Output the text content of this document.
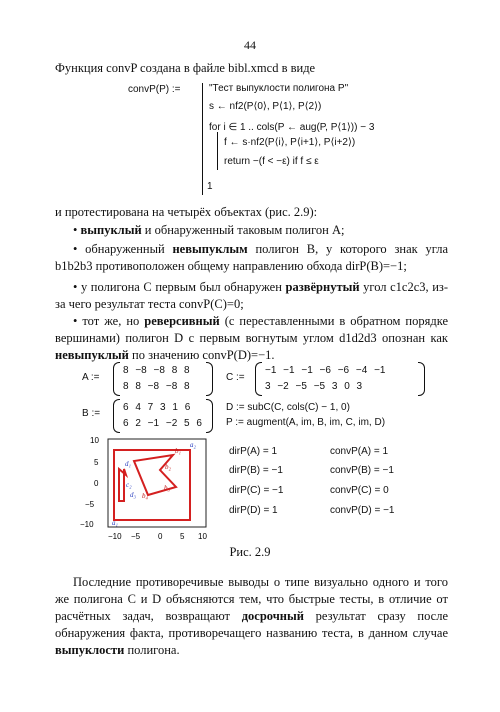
44
Функция convP создана в файле bibl.xmcd в виде
convP(P) :=	"Тест выпуклости полигона P"
s ← nf2(P⟨0⟩, P⟨1⟩, P⟨2⟩)
for i ∈ 1 .. cols(P ← aug(P, P⟨1⟩)) − 3
f ← s·nf2(P⟨i⟩, P⟨i+1⟩, P⟨i+2⟩)
return −(f < −ε) if f ≤ ε
1
и протестирована на четырёх объектах (рис. 2.9):
• выпуклый и обнаруженный таковым полигон A;
• обнаруженный невыпуклым полигон B, у которого знак угла b1b2b3 противоположен общему направлению обхода dirP(B)=−1;
• у полигона C первым был обнаружен развёрнутый угол c1c2c3, из-за чего результат теста convP(C)=0;
• тот же, но реверсивный (с переставленными в обратном порядке вершинами) полигон D с первым вогнутым углом d1d2d3 опознан как невыпуклый по значению convP(D)=−1.
A :=
8 −8 −8 8 8
8 8 −8 −8 8
B :=
6 4 7 3 1 6
6 2 −1 −2 5 6
C :=
−1 −1 −1 −6 −6 −4 −1
3 −2 −5 −5 3 0 3
D := subC(C, cols(C) − 1, 0)
P := augment(A, im, B, im, C, im, D)
10
5
0
−5
−10
d₁
c₂
d₃ b₄
b₃
b₂
b₁
a₁
a₂
−10 −5 0 5 10
dirP(A) = 1	convP(A) = 1
dirP(B) = −1	convP(B) = −1
dirP(C) = −1	convP(C) = 0
dirP(D) = 1	convP(D) = −1
Рис. 2.9
Последние противоречивые выводы о типе визуально одного и того же полигона C и D объясняются тем, что быстрые тесты, в отличие от расчётных задач, возвращают досрочный результат сразу после обнаружения факта, противоречащего названию теста, в данном случае выпуклости полигона.
